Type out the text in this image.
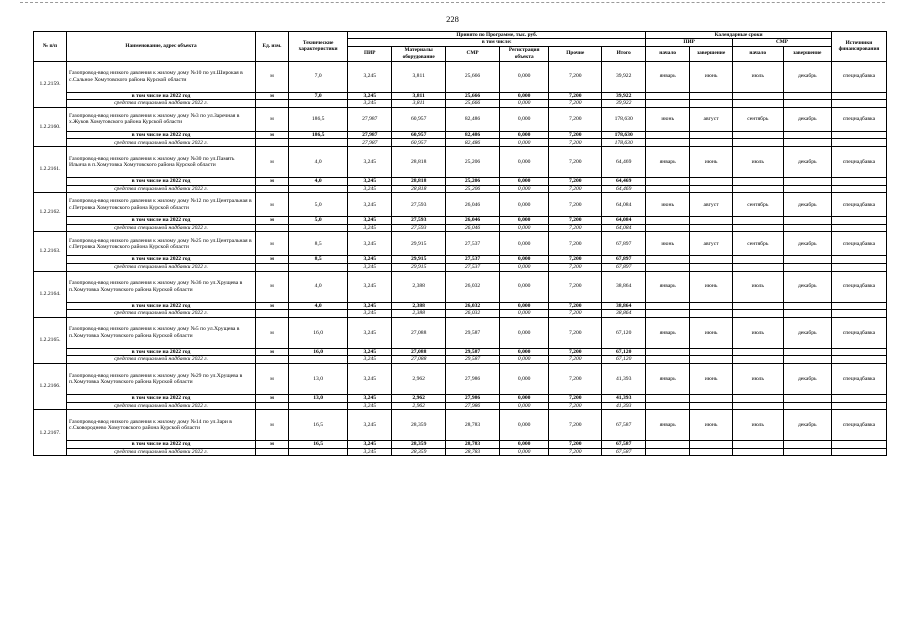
228
№ п/п	Наименование, адрес объекта	Ед. изм.	Технические характеристики	Принято по Программе, тыс. руб.						Календарные сроки				Источники финансирования
				в том числе:						ПИР		СМР		
				ПИР	Материалы оборудование	СМР	Регистрация объекта	Прочие	Итого	начало	завершение	начало	завершение	
1.2.2159.	Газопровод-ввод низкого давления к жилому дому №10 по ул.Широкая в с.Сальное Хомутовского района Курской области	м	7,0	3,245	3,811	25,666	0,000	7,200	39,922	январь	июнь	июль	декабрь	спецнадбавка
	в том числе на 2022 год	м	7,0	3,245	3,811	25,666	0,000	7,200	39,922					
	средства специальной надбавки 2022 г.			3,245	3,811	25,666	0,000	7,200	39,922					
1.2.2160.	Газопровод-ввод низкого давления к жилому дому №3 по ул.Заречная в х.Жуков Хомутовского района Курской области	м	186,5	27,987	60,957	82,486	0,000	7,200	178,630	июнь	август	сентябрь	декабрь	спецнадбавка
	в том числе на 2022 год	м	186,5	27,987	60,957	82,486	0,000	7,200	178,630					
	средства специальной надбавки 2022 г.			27,987	60,957	82,486	0,000	7,200	178,630					
1.2.2161.	Газопровод-ввод низкого давления к жилому дому №30 по ул.Память Ильича в п.Хомутовка Хомутовского района Курской области	м	4,0	3,245	28,818	25,206	0,000	7,200	64,469	январь	июнь	июль	декабрь	спецнадбавка
	в том числе на 2022 год	м	4,0	3,245	28,818	25,206	0,000	7,200	64,469					
	средства специальной надбавки 2022 г.			3,245	28,818	25,206	0,000	7,200	64,469					
1.2.2162.	Газопровод-ввод низкого давления к жилому дому №12 по ул.Центральная в с.Петровка Хомутовского района Курской области	м	5,0	3,245	27,593	26,046	0,000	7,200	64,084	июнь	август	сентябрь	декабрь	спецнадбавка
	в том числе на 2022 год	м	5,0	3,245	27,593	26,046	0,000	7,200	64,084					
	средства специальной надбавки 2022 г.			3,245	27,593	26,046	0,000	7,200	64,084					
1.2.2163.	Газопровод-ввод низкого давления к жилому дому №25 по ул.Центральная в с.Петровка Хомутовского района Курской области	м	8,5	3,245	29,915	27,537	0,000	7,200	67,897	июнь	август	сентябрь	декабрь	спецнадбавка
	в том числе на 2022 год	м	8,5	3,245	29,915	27,537	0,000	7,200	67,897					
	средства специальной надбавки 2022 г.			3,245	29,915	27,537	0,000	7,200	67,897					
1.2.2164.	Газопровод-ввод низкого давления к жилому дому №36 по ул.Хрущева в п.Хомутовка Хомутовского района Курской области	м	4,0	3,245	2,388	26,032	0,000	7,200	38,864	январь	июнь	июль	декабрь	спецнадбавка
	в том числе на 2022 год	м	4,0	3,245	2,388	26,032	0,000	7,200	38,864					
	средства специальной надбавки 2022 г.			3,245	2,388	26,032	0,000	7,200	38,864					
1.2.2165.	Газопровод-ввод низкого давления к жилому дому №5 по ул.Хрущева в п.Хомутовка Хомутовского района Курской области	м	16,0	3,245	27,088	29,587	0,000	7,200	67,120	январь	июнь	июль	декабрь	спецнадбавка
	в том числе на 2022 год	м	16,0	3,245	27,088	29,587	0,000	7,200	67,120					
	средства специальной надбавки 2022 г.			3,245	27,088	29,587	0,000	7,200	67,120					
1.2.2166.	Газопровод-ввод низкого давления к жилому дому №29 по ул.Хрущева в п.Хомутовка Хомутовского района Курской области	м	13,0	3,245	2,962	27,986	0,000	7,200	41,393	январь	июнь	июль	декабрь	спецнадбавка
	в том числе на 2022 год	м	13,0	3,245	2,962	27,986	0,000	7,200	41,393					
	средства специальной надбавки 2022 г.			3,245	2,962	27,986	0,000	7,200	41,393					
1.2.2167.	Газопровод-ввод низкого давления к жилому дому №14 по ул.Зари в с.Сковороднево Хомутовского района Курской области	м	16,5	3,245	28,359	28,783	0,000	7,200	67,587	январь	июнь	июль	декабрь	спецнадбавка
	в том числе на 2022 год	м	16,5	3,245	28,359	28,783	0,000	7,200	67,587					
	средства специальной надбавки 2022 г.			3,245	28,359	28,783	0,000	7,200	67,587					
